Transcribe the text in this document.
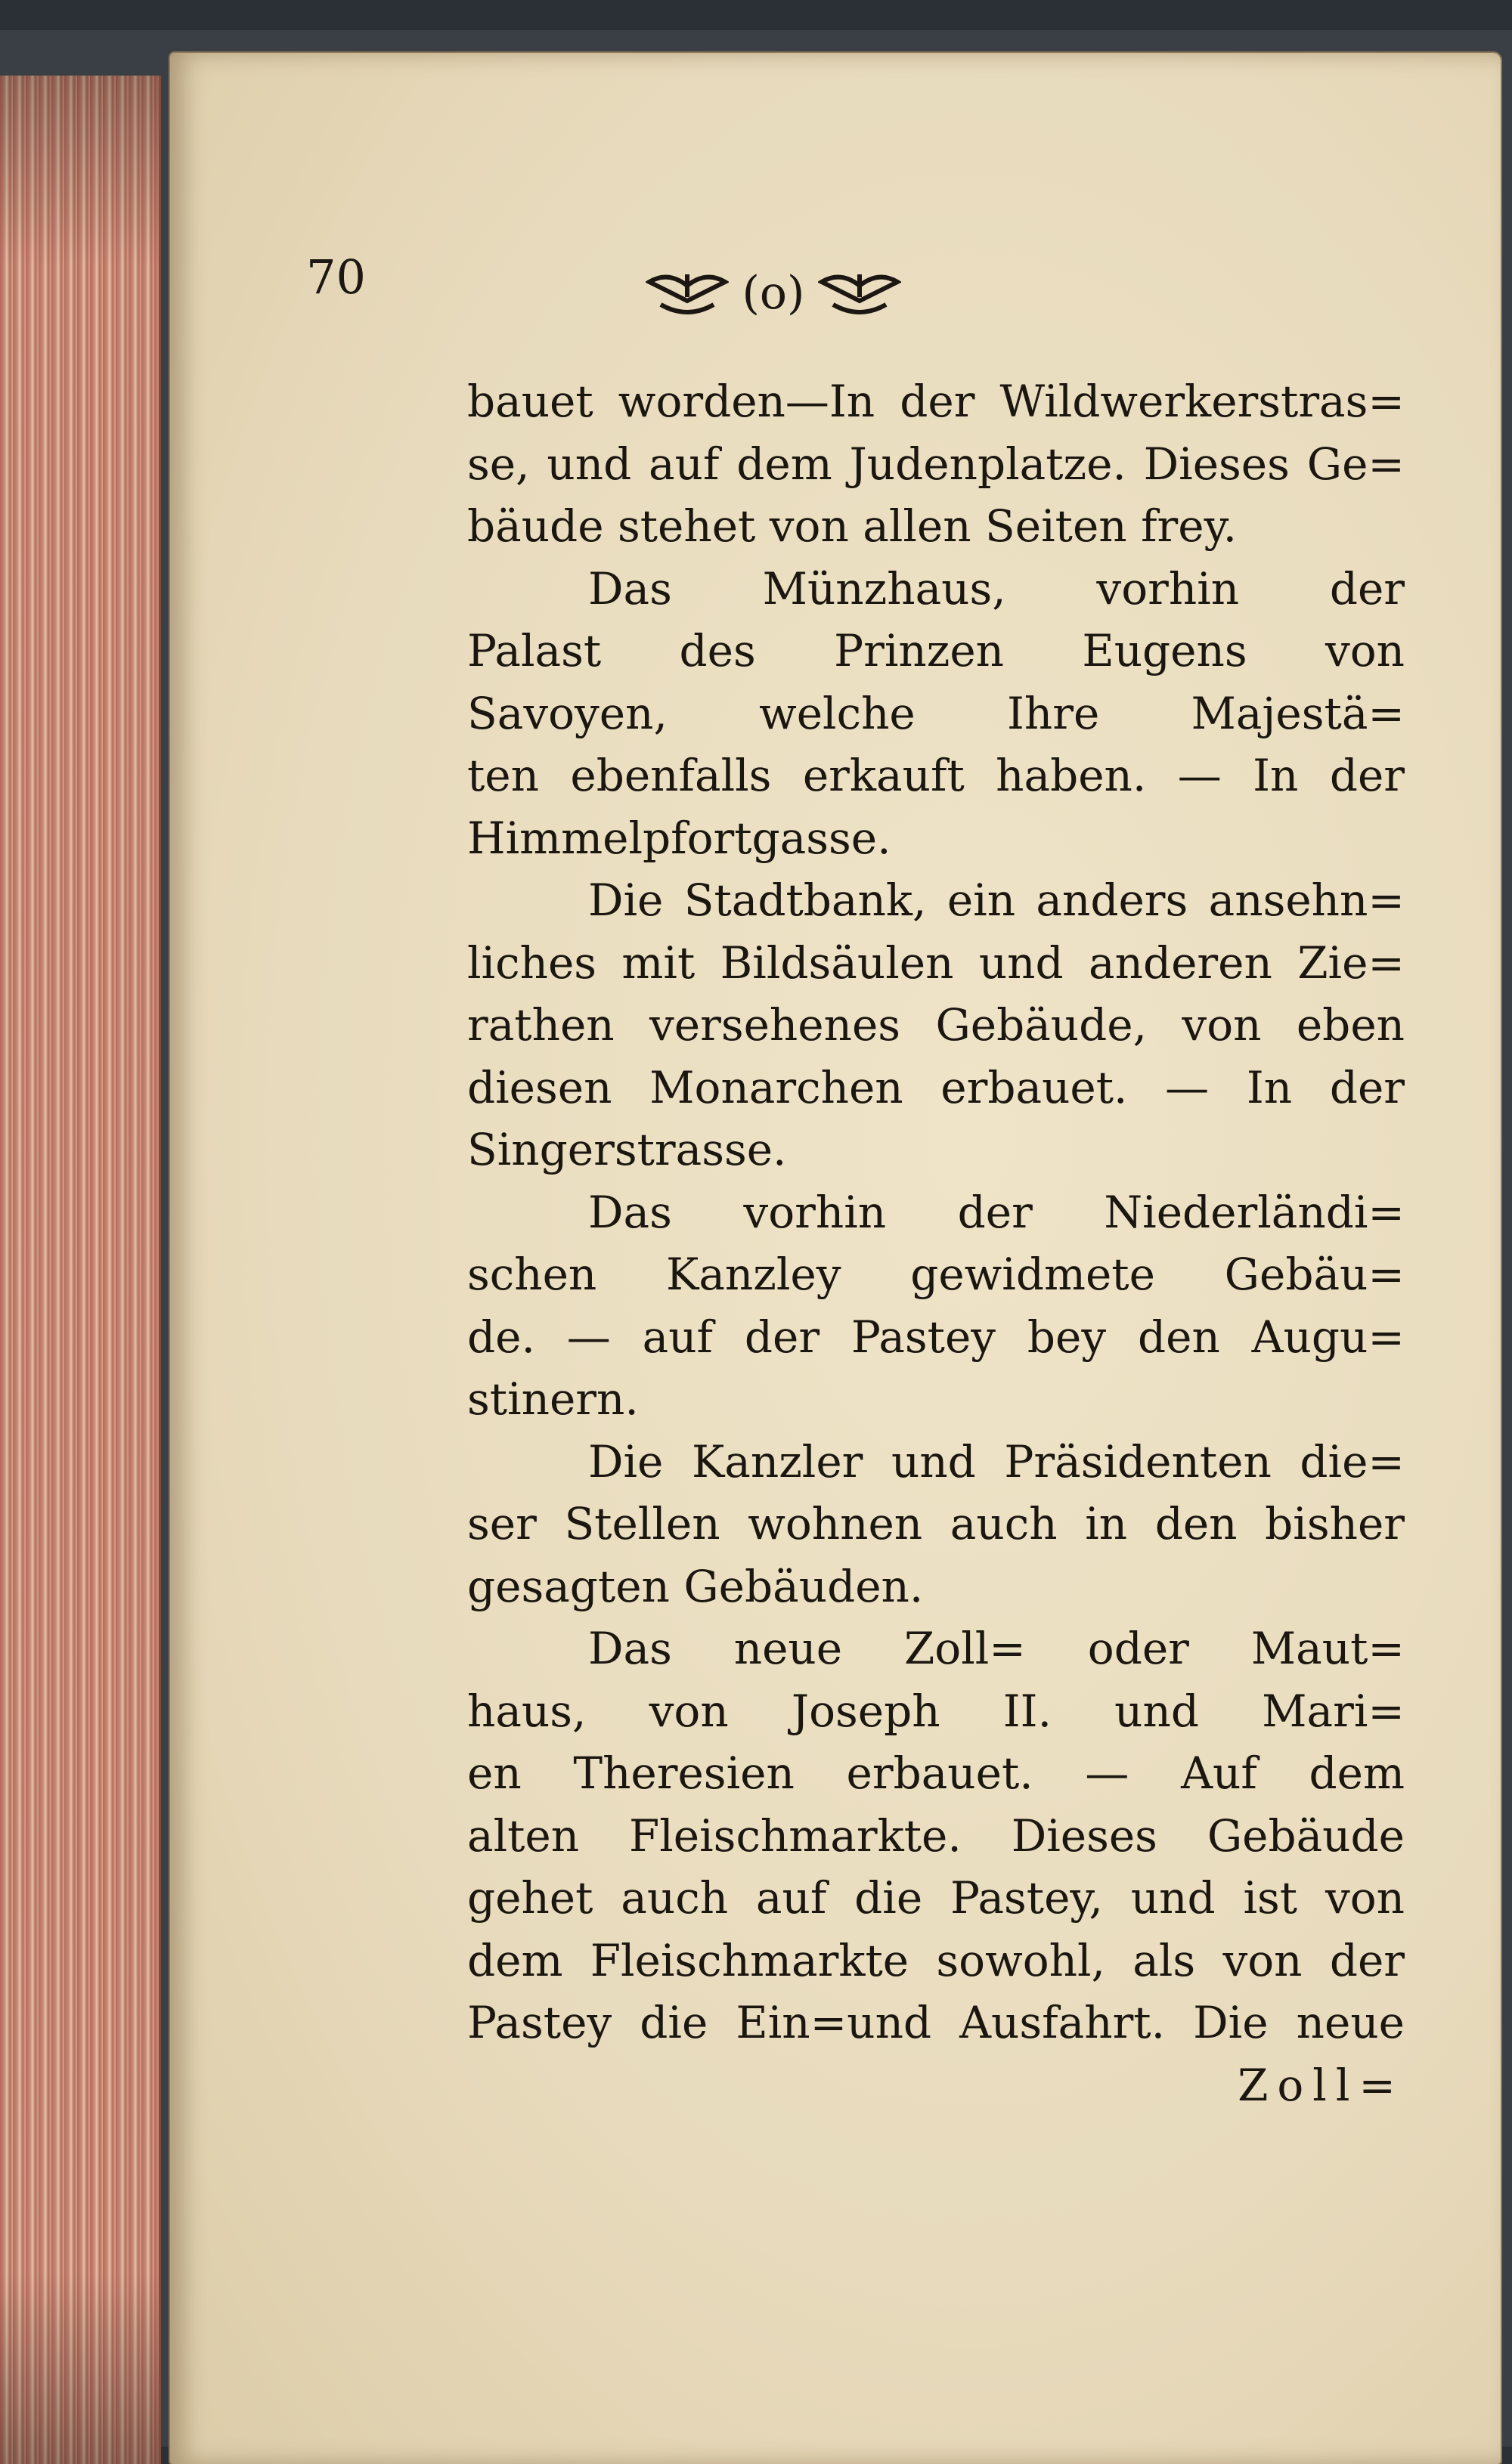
70	(o)
bauet worden—In der Wildwerkerstras=
se, und auf dem Judenplatze. Dieses Ge=
bäude stehet von allen Seiten frey.
Das Münzhaus, vorhin der
Palast des Prinzen Eugens von
Savoyen, welche Ihre Majestä=
ten ebenfalls erkauft haben. — In der
Himmelpfortgasse.
Die Stadtbank, ein anders ansehn=
liches mit Bildsäulen und anderen Zie=
rathen versehenes Gebäude, von eben
diesen Monarchen erbauet. — In der
Singerstrasse.
Das vorhin der Niederländi=
schen Kanzley gewidmete Gebäu=
de. — auf der Pastey bey den Augu=
stinern.
Die Kanzler und Präsidenten die=
ser Stellen wohnen auch in den bisher
gesagten Gebäuden.
Das neue Zoll= oder Maut=
haus, von Joseph II. und Mari=
en Theresien erbauet. — Auf dem
alten Fleischmarkte. Dieses Gebäude
gehet auch auf die Pastey, und ist von
dem Fleischmarkte sowohl, als von der
Pastey die Ein=und Ausfahrt. Die neue
Zoll=
